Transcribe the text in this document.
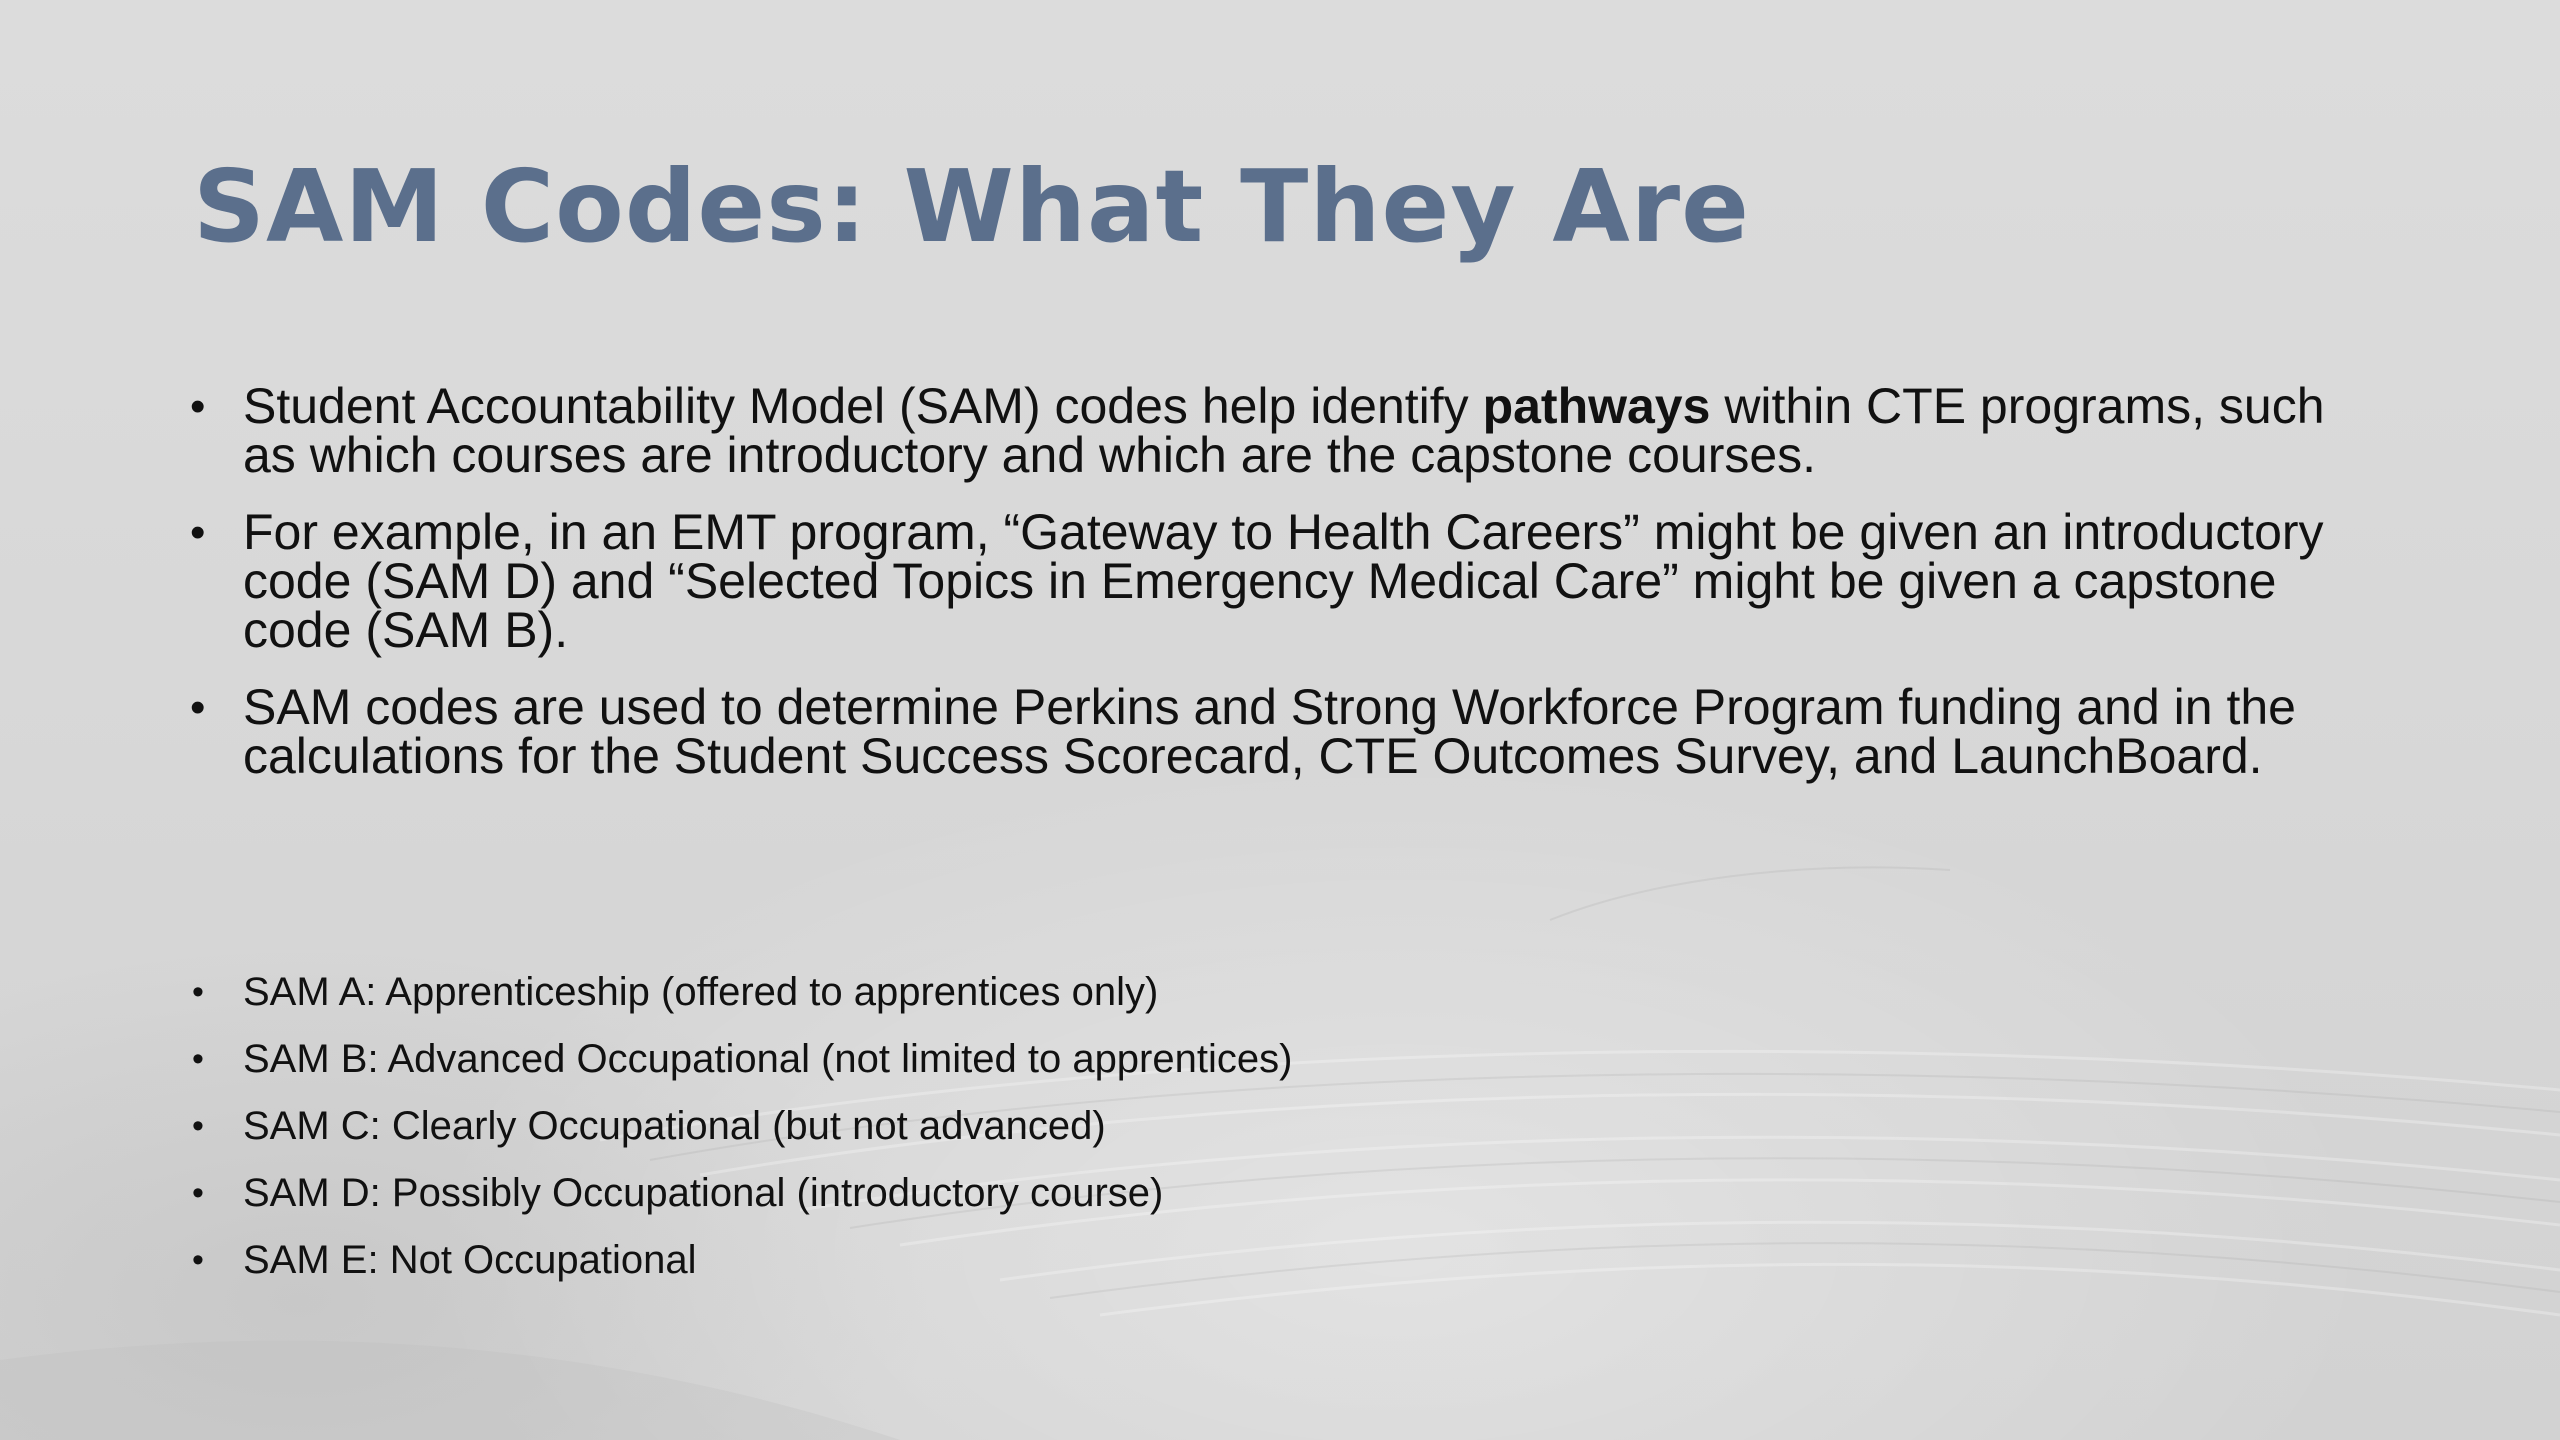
SAM Codes: What They Are
• Student Accountability Model (SAM) codes help identify pathways within CTE programs, such as which courses are introductory and which are the capstone courses.
• For example, in an EMT program, “Gateway to Health Careers” might be given an introductory code (SAM D) and “Selected Topics in Emergency Medical Care” might be given a capstone code (SAM B).
• SAM codes are used to determine Perkins and Strong Workforce Program funding and in the calculations for the Student Success Scorecard, CTE Outcomes Survey, and LaunchBoard.
• SAM A: Apprenticeship (offered to apprentices only)
• SAM B: Advanced Occupational (not limited to apprentices)
• SAM C: Clearly Occupational (but not advanced)
• SAM D: Possibly Occupational (introductory course)
• SAM E: Not Occupational
